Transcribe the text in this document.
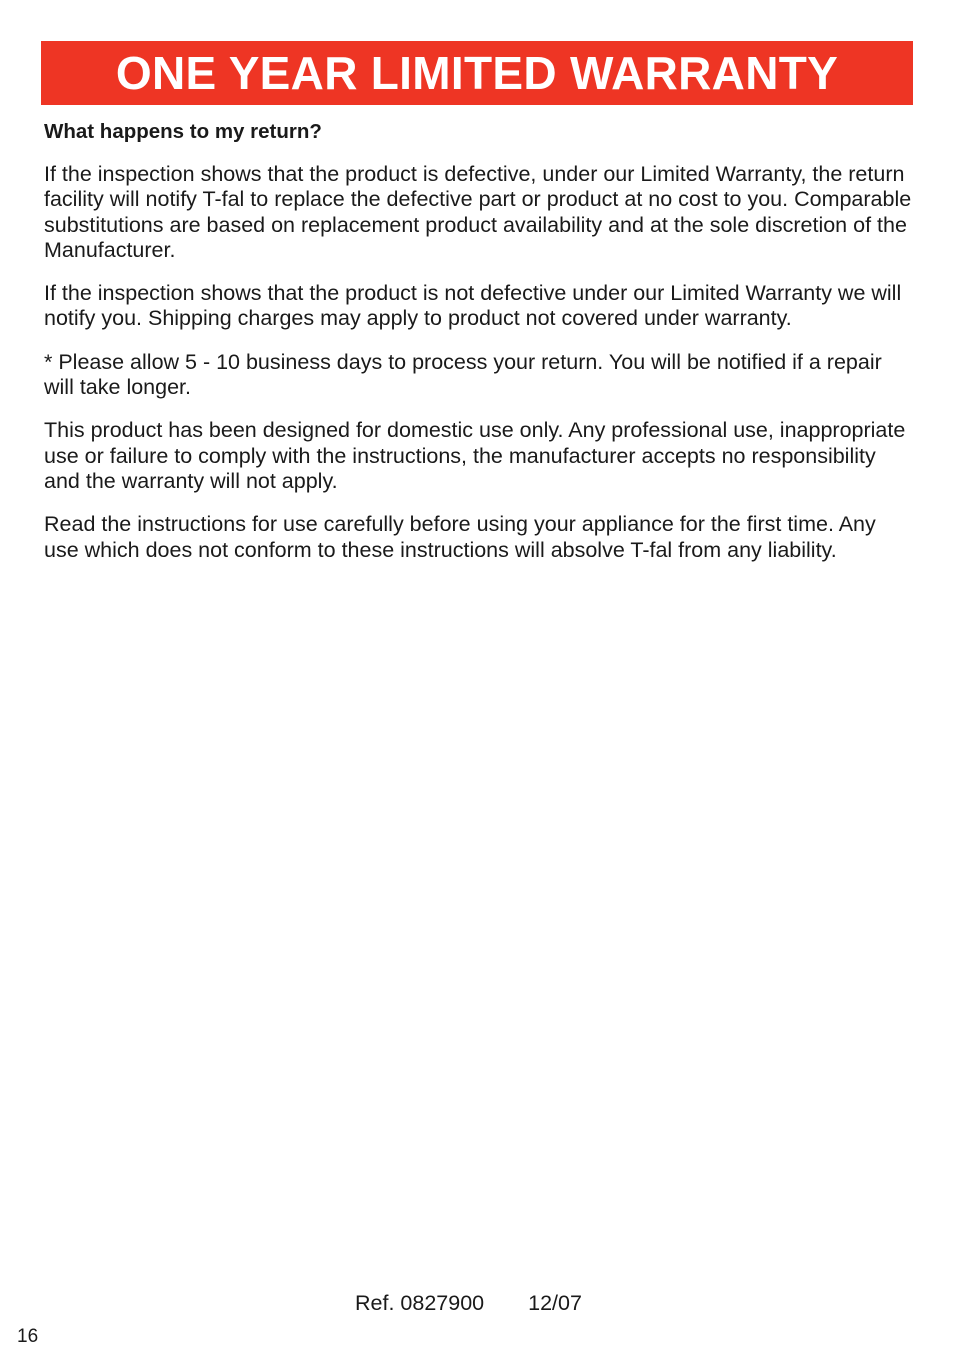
ONE YEAR LIMITED WARRANTY
What happens to my return?

If the inspection shows that the product is defective, under our Limited Warranty, the return facility will notify T-fal to replace the defective part or product at no cost to you. Comparable substitutions are based on replacement product availability and at the sole discretion of the Manufacturer.

If the inspection shows that the product is not defective under our Limited Warranty we will notify you. Shipping charges may apply to product not covered under warranty.

* Please allow 5 - 10 business days to process your return. You will be notified if a repair will take longer.

This product has been designed for domestic use only. Any professional use, inappropriate use or failure to comply with the instructions, the manufacturer accepts no responsibility and the warranty will not apply.

Read the instructions for use carefully before using your appliance for the first time. Any use which does not conform to these instructions will absolve T-fal from any liability.

Ref. 0827900 12/07
16
